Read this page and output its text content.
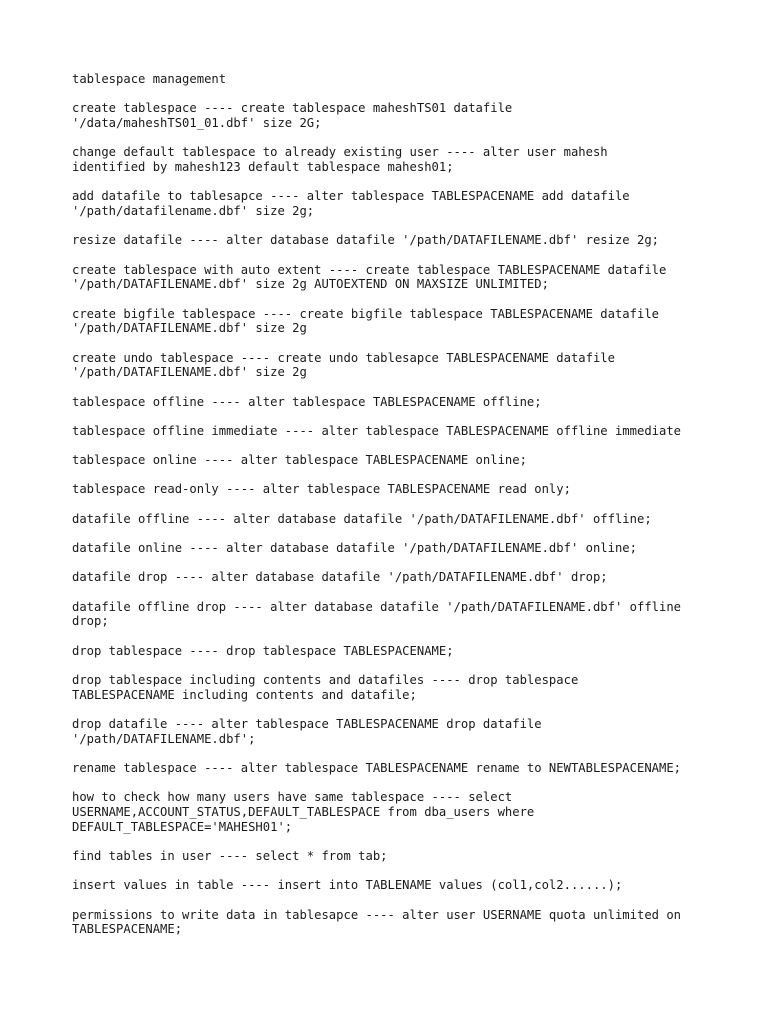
tablespace management

create tablespace ---- create tablespace maheshTS01 datafile
'/data/maheshTS01_01.dbf' size 2G;

change default tablespace to already existing user ---- alter user mahesh
identified by mahesh123 default tablespace mahesh01;

add datafile to tablesapce ---- alter tablespace TABLESPACENAME add datafile
'/path/datafilename.dbf' size 2g;

resize datafile ---- alter database datafile '/path/DATAFILENAME.dbf' resize 2g;

create tablespace with auto extent ---- create tablespace TABLESPACENAME datafile
'/path/DATAFILENAME.dbf' size 2g AUTOEXTEND ON MAXSIZE UNLIMITED;

create bigfile tablespace ---- create bigfile tablespace TABLESPACENAME datafile
'/path/DATAFILENAME.dbf' size 2g

create undo tablespace ---- create undo tablesapce TABLESPACENAME datafile
'/path/DATAFILENAME.dbf' size 2g

tablespace offline ---- alter tablespace TABLESPACENAME offline;

tablespace offline immediate ---- alter tablespace TABLESPACENAME offline immediate

tablespace online ---- alter tablespace TABLESPACENAME online;

tablespace read-only ---- alter tablespace TABLESPACENAME read only;

datafile offline ---- alter database datafile '/path/DATAFILENAME.dbf' offline;

datafile online ---- alter database datafile '/path/DATAFILENAME.dbf' online;

datafile drop ---- alter database datafile '/path/DATAFILENAME.dbf' drop;

datafile offline drop ---- alter database datafile '/path/DATAFILENAME.dbf' offline
drop;

drop tablespace ---- drop tablespace TABLESPACENAME;

drop tablespace including contents and datafiles ---- drop tablespace
TABLESPACENAME including contents and datafile;

drop datafile ---- alter tablespace TABLESPACENAME drop datafile
'/path/DATAFILENAME.dbf';

rename tablespace ---- alter tablespace TABLESPACENAME rename to NEWTABLESPACENAME;

how to check how many users have same tablespace ---- select
USERNAME,ACCOUNT_STATUS,DEFAULT_TABLESPACE from dba_users where
DEFAULT_TABLESPACE='MAHESH01';

find tables in user ---- select * from tab;

insert values in table ---- insert into TABLENAME values (col1,col2......);

permissions to write data in tablesapce ---- alter user USERNAME quota unlimited on
TABLESPACENAME;
